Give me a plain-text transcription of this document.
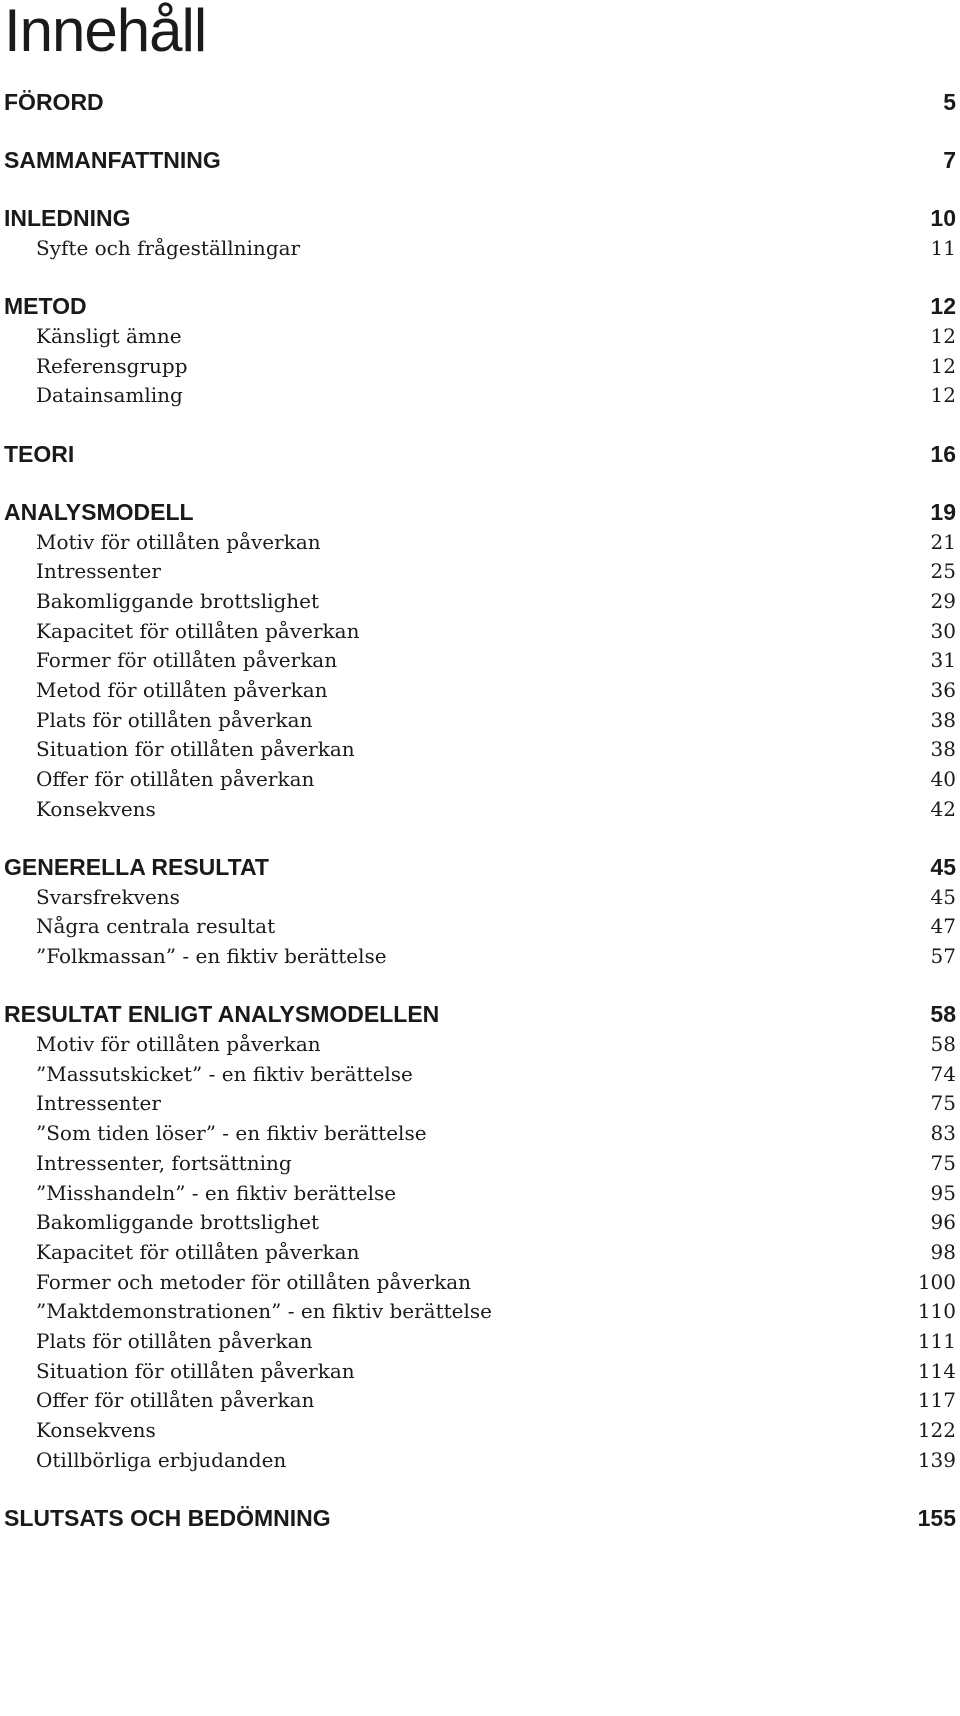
Innehåll
FÖRORD	5
SAMMANFATTNING	7
INLEDNING	10
Syfte och frågeställningar	11
METOD	12
Känsligt ämne	12
Referensgrupp	12
Datainsamling	12
TEORI	16
ANALYSMODELL	19
Motiv för otillåten påverkan	21
Intressenter	25
Bakomliggande brottslighet	29
Kapacitet för otillåten påverkan	30
Former för otillåten påverkan	31
Metod för otillåten påverkan	36
Plats för otillåten påverkan	38
Situation för otillåten påverkan	38
Offer för otillåten påverkan	40
Konsekvens	42
GENERELLA RESULTAT	45
Svarsfrekvens	45
Några centrala resultat	47
”Folkmassan” - en fiktiv berättelse	57
RESULTAT ENLIGT ANALYSMODELLEN	58
Motiv för otillåten påverkan	58
”Massutskicket” - en fiktiv berättelse	74
Intressenter	75
”Som tiden löser” - en fiktiv berättelse	83
Intressenter, fortsättning	75
”Misshandeln” - en fiktiv berättelse	95
Bakomliggande brottslighet	96
Kapacitet för otillåten påverkan	98
Former och metoder för otillåten påverkan	100
”Maktdemonstrationen” - en fiktiv berättelse	110
Plats för otillåten påverkan	111
Situation för otillåten påverkan	114
Offer för otillåten påverkan	117
Konsekvens	122
Otillbörliga erbjudanden	139
SLUTSATS OCH BEDÖMNING	155
